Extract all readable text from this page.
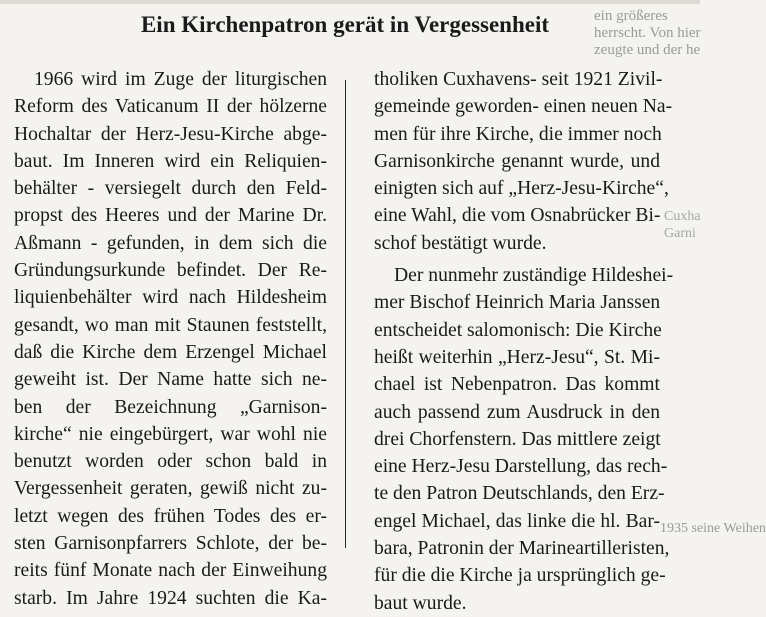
Ein Kirchenpatron gerät in Vergessenheit	ein größeres
herrscht. Von hier
zeugte und der he
Cuxha
Garni
1935 seine Weihen
1966 wird im Zuge der liturgischen
Reform des Vaticanum II der hölzerne
Hochaltar der Herz-Jesu-Kirche abge-
baut. Im Inneren wird ein Reliquien-
behälter - versiegelt durch den Feld-
propst des Heeres und der Marine Dr.
Aßmann - gefunden, in dem sich die
Gründungsurkunde befindet. Der Re-
liquienbehälter wird nach Hildesheim
gesandt, wo man mit Staunen feststellt,
daß die Kirche dem Erzengel Michael
geweiht ist. Der Name hatte sich ne-
ben der Bezeichnung „Garnison-
kirche“ nie eingebürgert, war wohl nie
benutzt worden oder schon bald in
Vergessenheit geraten, gewiß nicht zu-
letzt wegen des frühen Todes des er-
sten Garnisonpfarrers Schlote, der be-
reits fünf Monate nach der Einweihung
starb. Im Jahre 1924 suchten die Ka-
tholiken Cuxhavens- seit 1921 Zivil-
gemeinde geworden- einen neuen Na-
men für ihre Kirche, die immer noch
Garnisonkirche genannt wurde, und
einigten sich auf „Herz-Jesu-Kirche“,
eine Wahl, die vom Osnabrücker Bi-
schof bestätigt wurde.
Der nunmehr zuständige Hildeshei-
mer Bischof Heinrich Maria Janssen
entscheidet salomonisch: Die Kirche
heißt weiterhin „Herz-Jesu“, St. Mi-
chael ist Nebenpatron. Das kommt
auch passend zum Ausdruck in den
drei Chorfenstern. Das mittlere zeigt
eine Herz-Jesu Darstellung, das rech-
te den Patron Deutschlands, den Erz-
engel Michael, das linke die hl. Bar-
bara, Patronin der Marineartilleristen,
für die die Kirche ja ursprünglich ge-
baut wurde.
